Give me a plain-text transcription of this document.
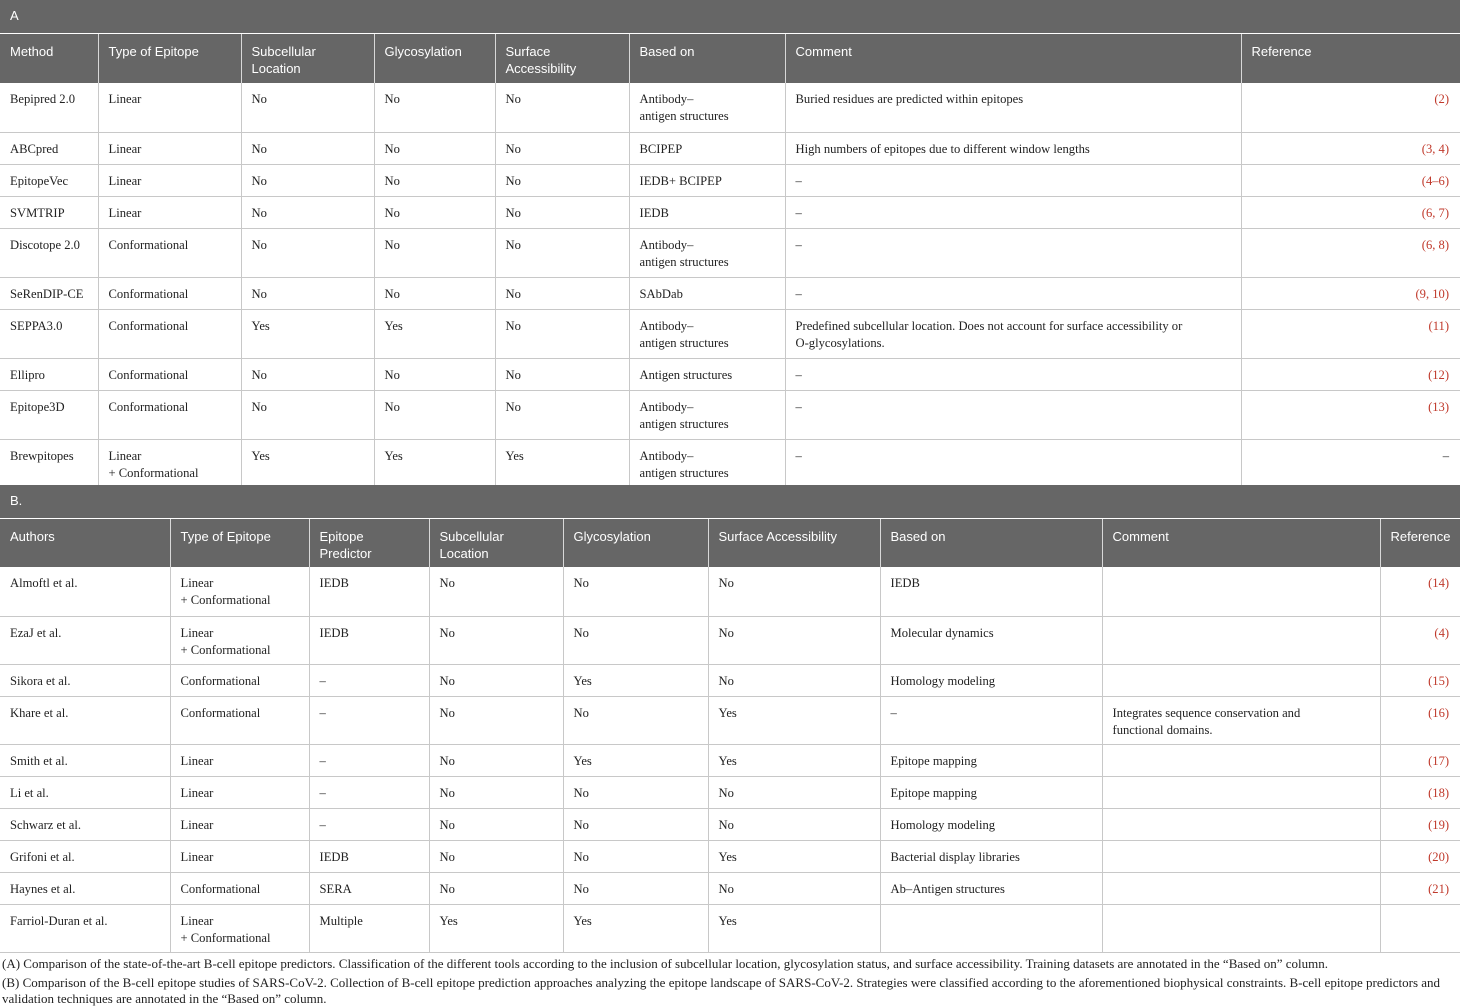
A							
Method	Type of Epitope	Subcellular Location	Glycosylation	Surface Accessibility	Based on	Comment	Reference
Bepipred 2.0	Linear	No	No	No	Antibody–
antigen structures	Buried residues are predicted within epitopes	(2)
ABCpred	Linear	No	No	No	BCIPEP	High numbers of epitopes due to different window lengths	(3, 4)
EpitopeVec	Linear	No	No	No	IEDB+ BCIPEP	–	(4–6)
SVMTRIP	Linear	No	No	No	IEDB	–	(6, 7)
Discotope 2.0	Conformational	No	No	No	Antibody–
antigen structures	–	(6, 8)
SeRenDIP-CE	Conformational	No	No	No	SAbDab	–	(9, 10)
SEPPA3.0	Conformational	Yes	Yes	No	Antibody–
antigen structures	Predefined subcellular location. Does not account for surface accessibility or
O-glycosylations.	(11)
Ellipro	Conformational	No	No	No	Antigen structures	–	(12)
Epitope3D	Conformational	No	No	No	Antibody–
antigen structures	–	(13)
Brewpitopes	Linear
+ Conformational	Yes	Yes	Yes	Antibody–
antigen structures	–	–
B.								
Authors	Type of Epitope	Epitope Predictor	Subcellular Location	Glycosylation	Surface Accessibility	Based on	Comment	Reference
Almoftl et al.	Linear
+ Conformational	IEDB	No	No	No	IEDB		(14)
EzaJ et al.	Linear
+ Conformational	IEDB	No	No	No	Molecular dynamics		(4)
Sikora et al.	Conformational	–	No	Yes	No	Homology modeling		(15)
Khare et al.	Conformational	–	No	No	Yes	–	Integrates sequence conservation and
functional domains.	(16)
Smith et al.	Linear	–	No	Yes	Yes	Epitope mapping		(17)
Li et al.	Linear	–	No	No	No	Epitope mapping		(18)
Schwarz et al.	Linear	–	No	No	No	Homology modeling		(19)
Grifoni et al.	Linear	IEDB	No	No	Yes	Bacterial display libraries		(20)
Haynes et al.	Conformational	SERA	No	No	No	Ab–Antigen structures		(21)
Farriol-Duran et al.	Linear
+ Conformational	Multiple	Yes	Yes	Yes			
(A) Comparison of the state-of-the-art B-cell epitope predictors. Classification of the different tools according to the inclusion of subcellular location, glycosylation status, and surface accessibility. Training datasets are annotated in the “Based on” column.
(B) Comparison of the B-cell epitope studies of SARS-CoV-2. Collection of B-cell epitope prediction approaches analyzing the epitope landscape of SARS-CoV-2. Strategies were classified according to the aforementioned biophysical constraints. B-cell epitope predictors and validation techniques are annotated in the “Based on” column.
